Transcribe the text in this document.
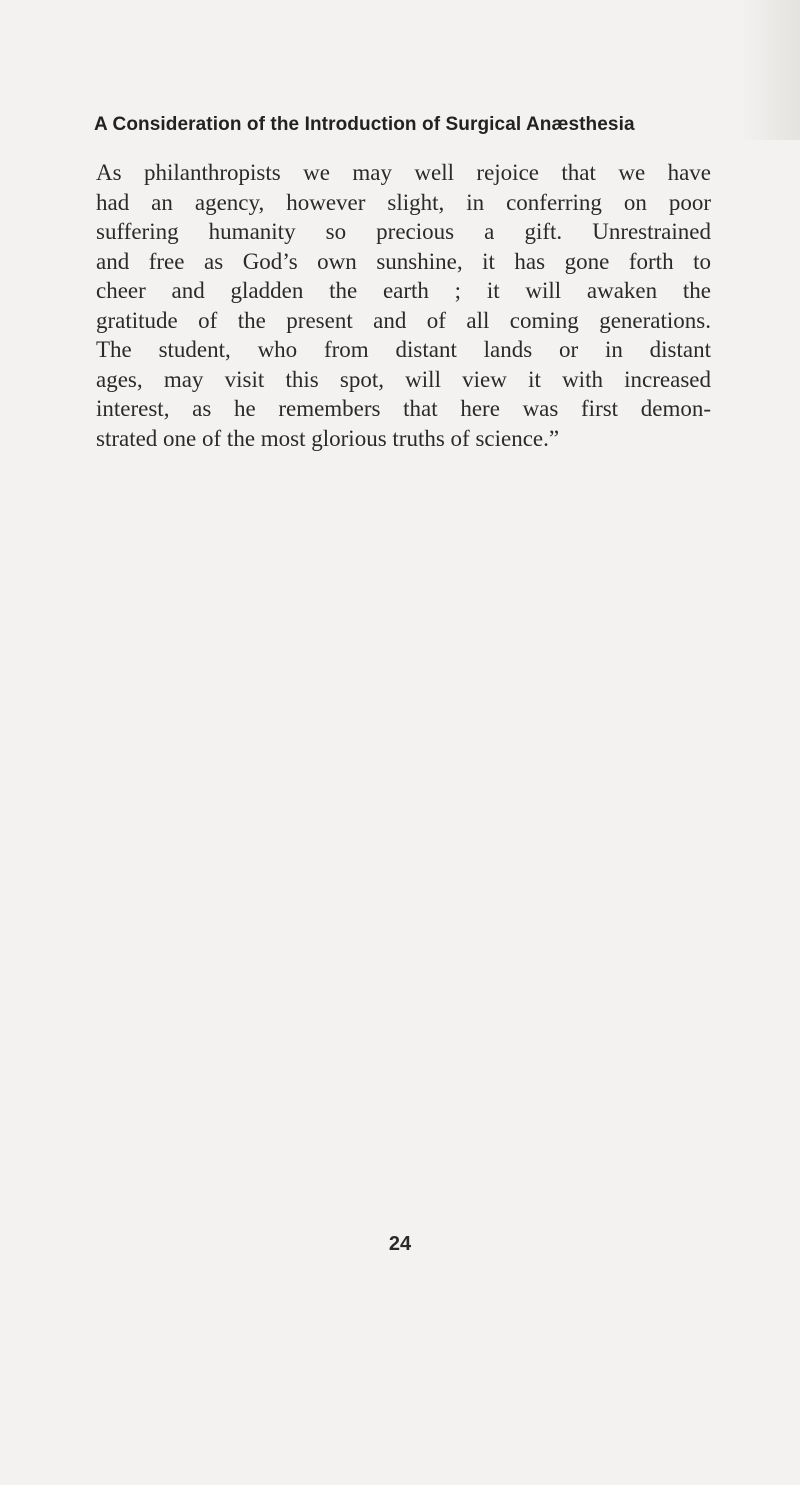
A Consideration of the Introduction of Surgical Anæsthesia
As philanthropists we may well rejoice that we have
had an agency, however slight, in conferring on poor
suffering humanity so precious a gift. Unrestrained
and free as God’s own sunshine, it has gone forth to
cheer and gladden the earth ; it will awaken the
gratitude of the present and of all coming generations.
The student, who from distant lands or in distant
ages, may visit this spot, will view it with increased
interest, as he remembers that here was first demon-
strated one of the most glorious truths of science.”
24
